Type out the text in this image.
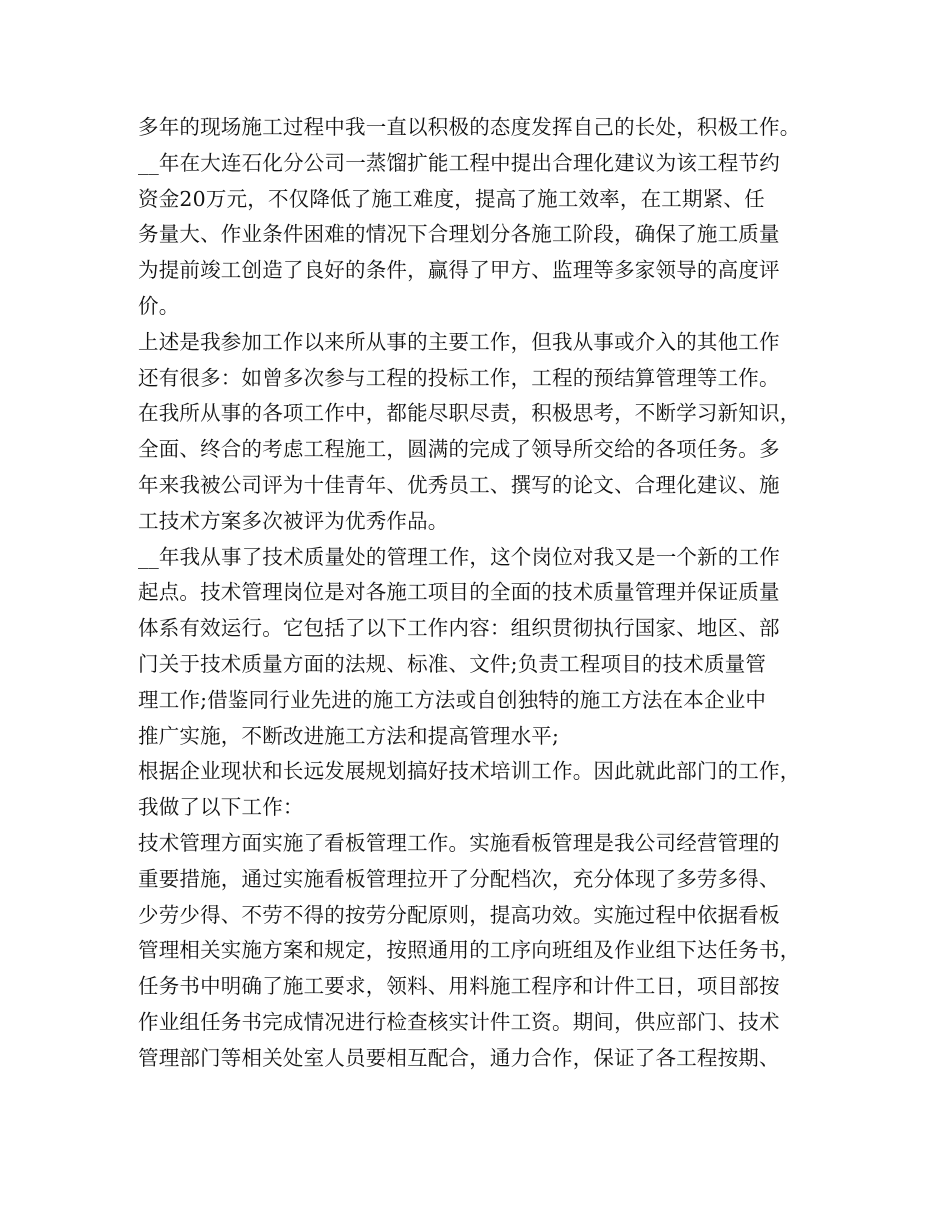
多年的现场施工过程中我一直以积极的态度发挥自己的长处，积极工作。
__年在大连石化分公司一蒸馏扩能工程中提出合理化建议为该工程节约
资金20万元，不仅降低了施工难度，提高了施工效率，在工期紧、任
务量大、作业条件困难的情况下合理划分各施工阶段，确保了施工质量
为提前竣工创造了良好的条件，赢得了甲方、监理等多家领导的高度评
价。

上述是我参加工作以来所从事的主要工作，但我从事或介入的其他工作
还有很多：如曾多次参与工程的投标工作，工程的预结算管理等工作。
在我所从事的各项工作中，都能尽职尽责，积极思考，不断学习新知识，
全面、终合的考虑工程施工，圆满的完成了领导所交给的各项任务。多
年来我被公司评为十佳青年、优秀员工、撰写的论文、合理化建议、施
工技术方案多次被评为优秀作品。

__年我从事了技术质量处的管理工作，这个岗位对我又是一个新的工作
起点。技术管理岗位是对各施工项目的全面的技术质量管理并保证质量
体系有效运行。它包括了以下工作内容：组织贯彻执行国家、地区、部
门关于技术质量方面的法规、标准、文件;负责工程项目的技术质量管
理工作;借鉴同行业先进的施工方法或自创独特的施工方法在本企业中
推广实施，不断改进施工方法和提高管理水平;

根据企业现状和长远发展规划搞好技术培训工作。因此就此部门的工作，
我做了以下工作：

技术管理方面实施了看板管理工作。实施看板管理是我公司经营管理的
重要措施，通过实施看板管理拉开了分配档次，充分体现了多劳多得、
少劳少得、不劳不得的按劳分配原则，提高功效。实施过程中依据看板
管理相关实施方案和规定，按照通用的工序向班组及作业组下达任务书，
任务书中明确了施工要求，领料、用料施工程序和计件工日，项目部按
作业组任务书完成情况进行检查核实计件工资。期间，供应部门、技术
管理部门等相关处室人员要相互配合，通力合作，保证了各工程按期、
